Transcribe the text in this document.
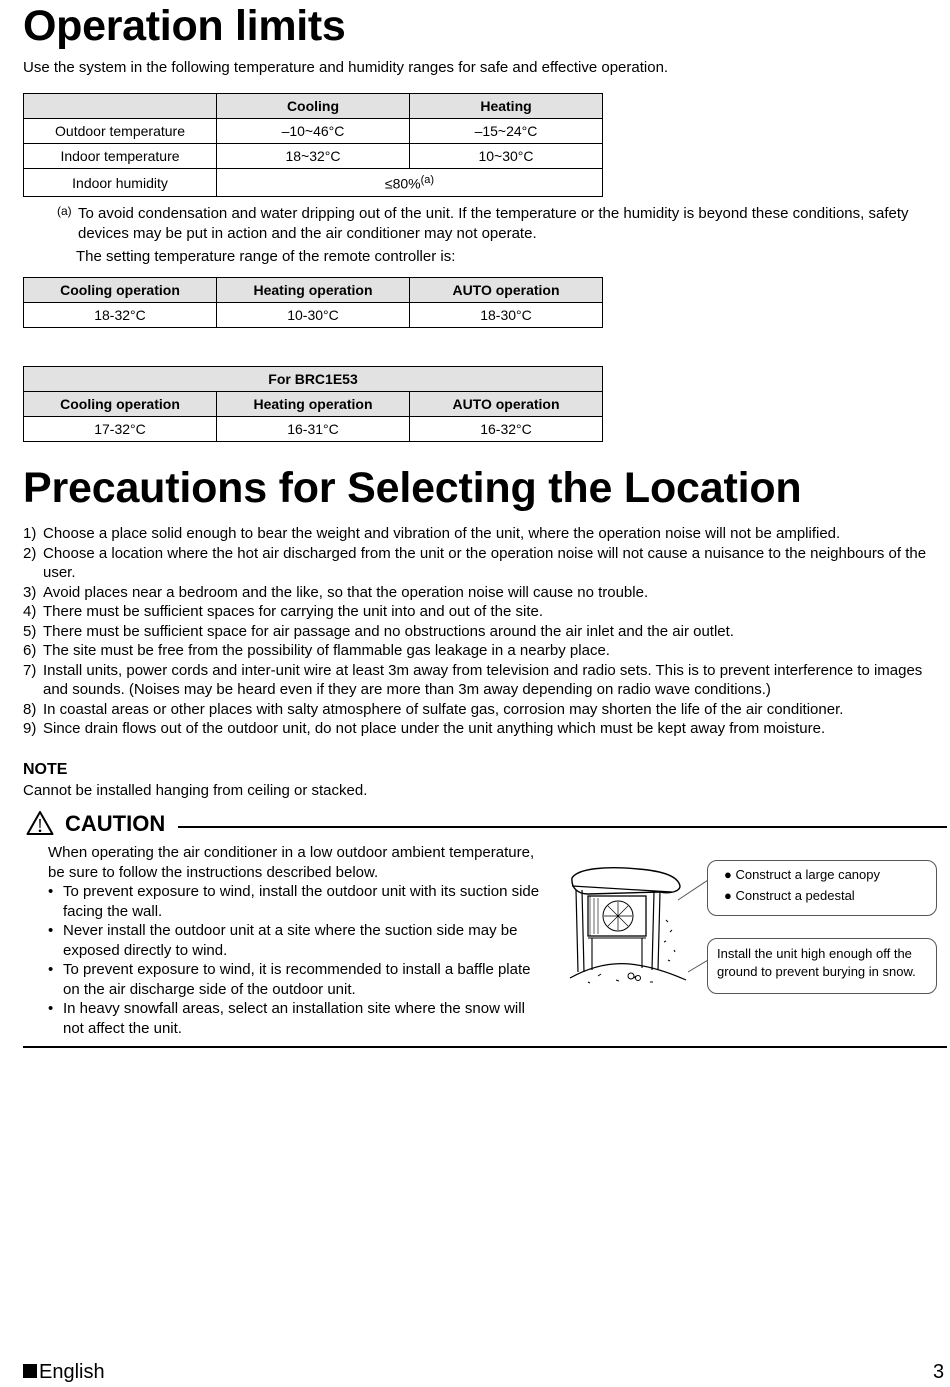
Operation limits
Use the system in the following temperature and humidity ranges for safe and effective operation.
	Cooling	Heating
Outdoor temperature	–10~46°C	–15~24°C
Indoor temperature	18~32°C	10~30°C
Indoor humidity	≤80%$^{(a)}$
(a) To avoid condensation and water dripping out of the unit. If the temperature or the humidity is beyond these conditions, safety devices may be put in action and the air conditioner may not operate.
The setting temperature range of the remote controller is:
Cooling operation	Heating operation	AUTO operation
18-32°C	10-30°C	18-30°C
For BRC1E53		
Cooling operation	Heating operation	AUTO operation
17-32°C	16-31°C	16-32°C
Precautions for Selecting the Location
1) Choose a place solid enough to bear the weight and vibration of the unit, where the operation noise will not be amplified.
2) Choose a location where the hot air discharged from the unit or the operation noise will not cause a nuisance to the neighbours of the user.
3) Avoid places near a bedroom and the like, so that the operation noise will cause no trouble.
4) There must be sufficient spaces for carrying the unit into and out of the site.
5) There must be sufficient space for air passage and no obstructions around the air inlet and the air outlet.
6) The site must be free from the possibility of flammable gas leakage in a nearby place.
7) Install units, power cords and inter-unit wire at least 3m away from television and radio sets. This is to prevent interference to images and sounds. (Noises may be heard even if they are more than 3m away depending on radio wave conditions.)
8) In coastal areas or other places with salty atmosphere of sulfate gas, corrosion may shorten the life of the air conditioner.
9) Since drain flows out of the outdoor unit, do not place under the unit anything which must be kept away from moisture.
NOTE
Cannot be installed hanging from ceiling or stacked.
CAUTION
When operating the air conditioner in a low outdoor ambient temperature, be sure to follow the instructions described below.
• To prevent exposure to wind, install the outdoor unit with its suction side facing the wall.
• Never install the outdoor unit at a site where the suction side may be exposed directly to wind.
• To prevent exposure to wind, it is recommended to install a baffle plate on the air discharge side of the outdoor unit.
• In heavy snowfall areas, select an installation site where the snow will not affect the unit.
● Construct a large canopy
● Construct a pedestal
Install the unit high enough off the
ground to prevent burying in snow.
English	3
